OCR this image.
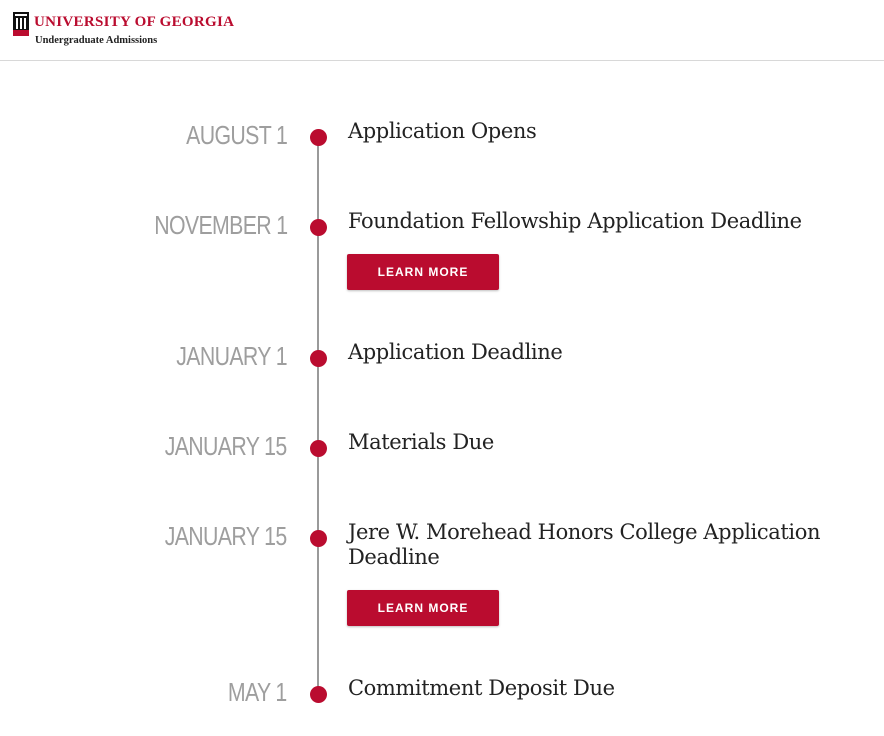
UNIVERSITY OF GEORGIA
Undergraduate Admissions
AUGUST 1	Application Opens
NOVEMBER 1	Foundation Fellowship Application Deadline
LEARN MORE
JANUARY 1	Application Deadline
JANUARY 15	Materials Due
JANUARY 15	Jere W. Morehead Honors College Application Deadline
LEARN MORE
MAY 1	Commitment Deposit Due
